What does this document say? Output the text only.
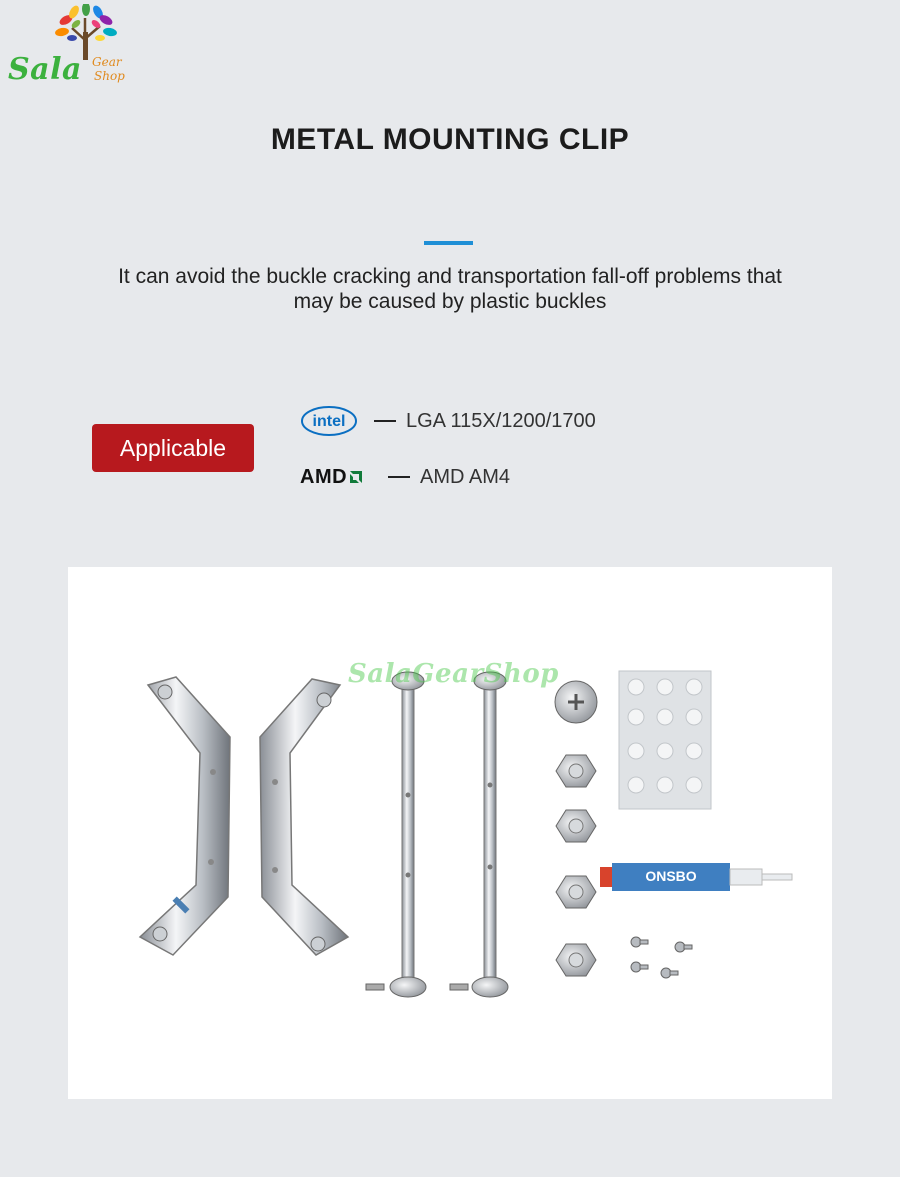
Sala Gear
Shop
METAL MOUNTING CLIP
It can avoid the buckle cracking and transportation fall-off problems that may be caused by plastic buckles
Applicable
intel	LGA 115X/1200/1700
AMD	AMD AM4
ONSBO
SalaGearShop
